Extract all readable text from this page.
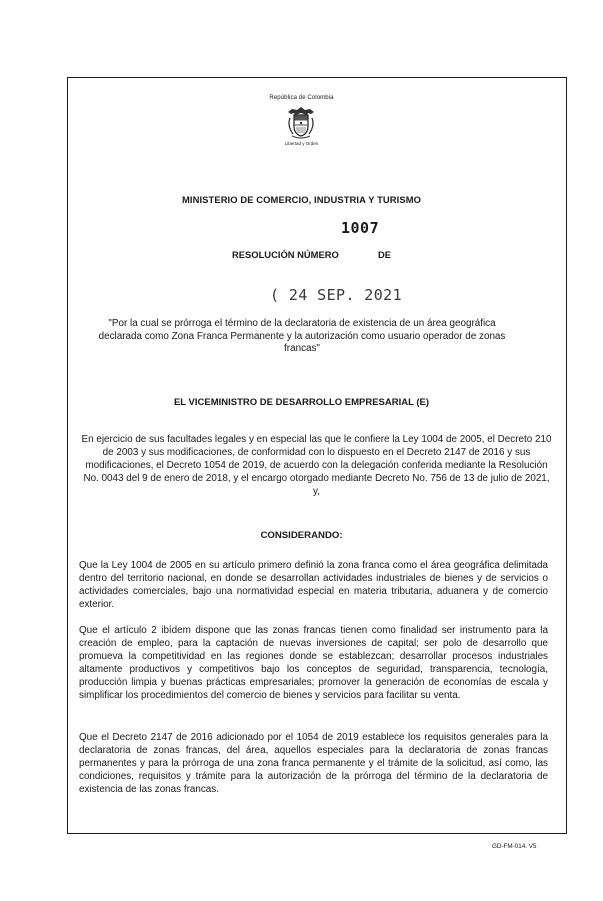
República de Colombia
Libertad y Orden
MINISTERIO DE COMERCIO, INDUSTRIA Y TURISMO
1007
RESOLUCIÓN NÚMERO	DE
( 24 SEP. 2021
"Por la cual se prórroga el término de la declaratoria de existencia de un área geográfica declarada como Zona Franca Permanente y la autorización como usuario operador de zonas francas"
EL VICEMINISTRO DE DESARROLLO EMPRESARIAL (E)
En ejercicio de sus facultades legales y en especial las que le confiere la Ley 1004 de 2005, el Decreto 210 de 2003 y sus modificaciones, de conformidad con lo dispuesto en el Decreto 2147 de 2016 y sus modificaciones, el Decreto 1054 de 2019, de acuerdo con la delegación conferida mediante la Resolución No. 0043 del 9 de enero de 2018, y el encargo otorgado mediante Decreto No. 756 de 13 de julio de 2021, y,
CONSIDERANDO:
Que la Ley 1004 de 2005 en su artículo primero definió la zona franca como el área geográfica delimitada dentro del territorio nacional, en donde se desarrollan actividades industriales de bienes y de servicios o actividades comerciales, bajo una normatividad especial en materia tributaria, aduanera y de comercio exterior.
Que el artículo 2 ibídem dispone que las zonas francas tienen como finalidad ser instrumento para la creación de empleo, para la captación de nuevas inversiones de capital; ser polo de desarrollo que promueva la competitividad en las regiones donde se establezcan; desarrollar procesos industriales altamente productivos y competitivos bajo los conceptos de seguridad, transparencia, tecnología, producción limpia y buenas prácticas empresariales; promover la generación de economías de escala y simplificar los procedimientos del comercio de bienes y servicios para facilitar su venta.
Que el Decreto 2147 de 2016 adicionado por el 1054 de 2019 establece los requisitos generales para la declaratoria de zonas francas, del área, aquellos especiales para la declaratoria de zonas francas permanentes y para la prórroga de una zona franca permanente y el trámite de la solicitud, así como, las condiciones, requisitos y trámite para la autorización de la prórroga del término de la declaratoria de existencia de las zonas francas.
GD-FM-014. V5
